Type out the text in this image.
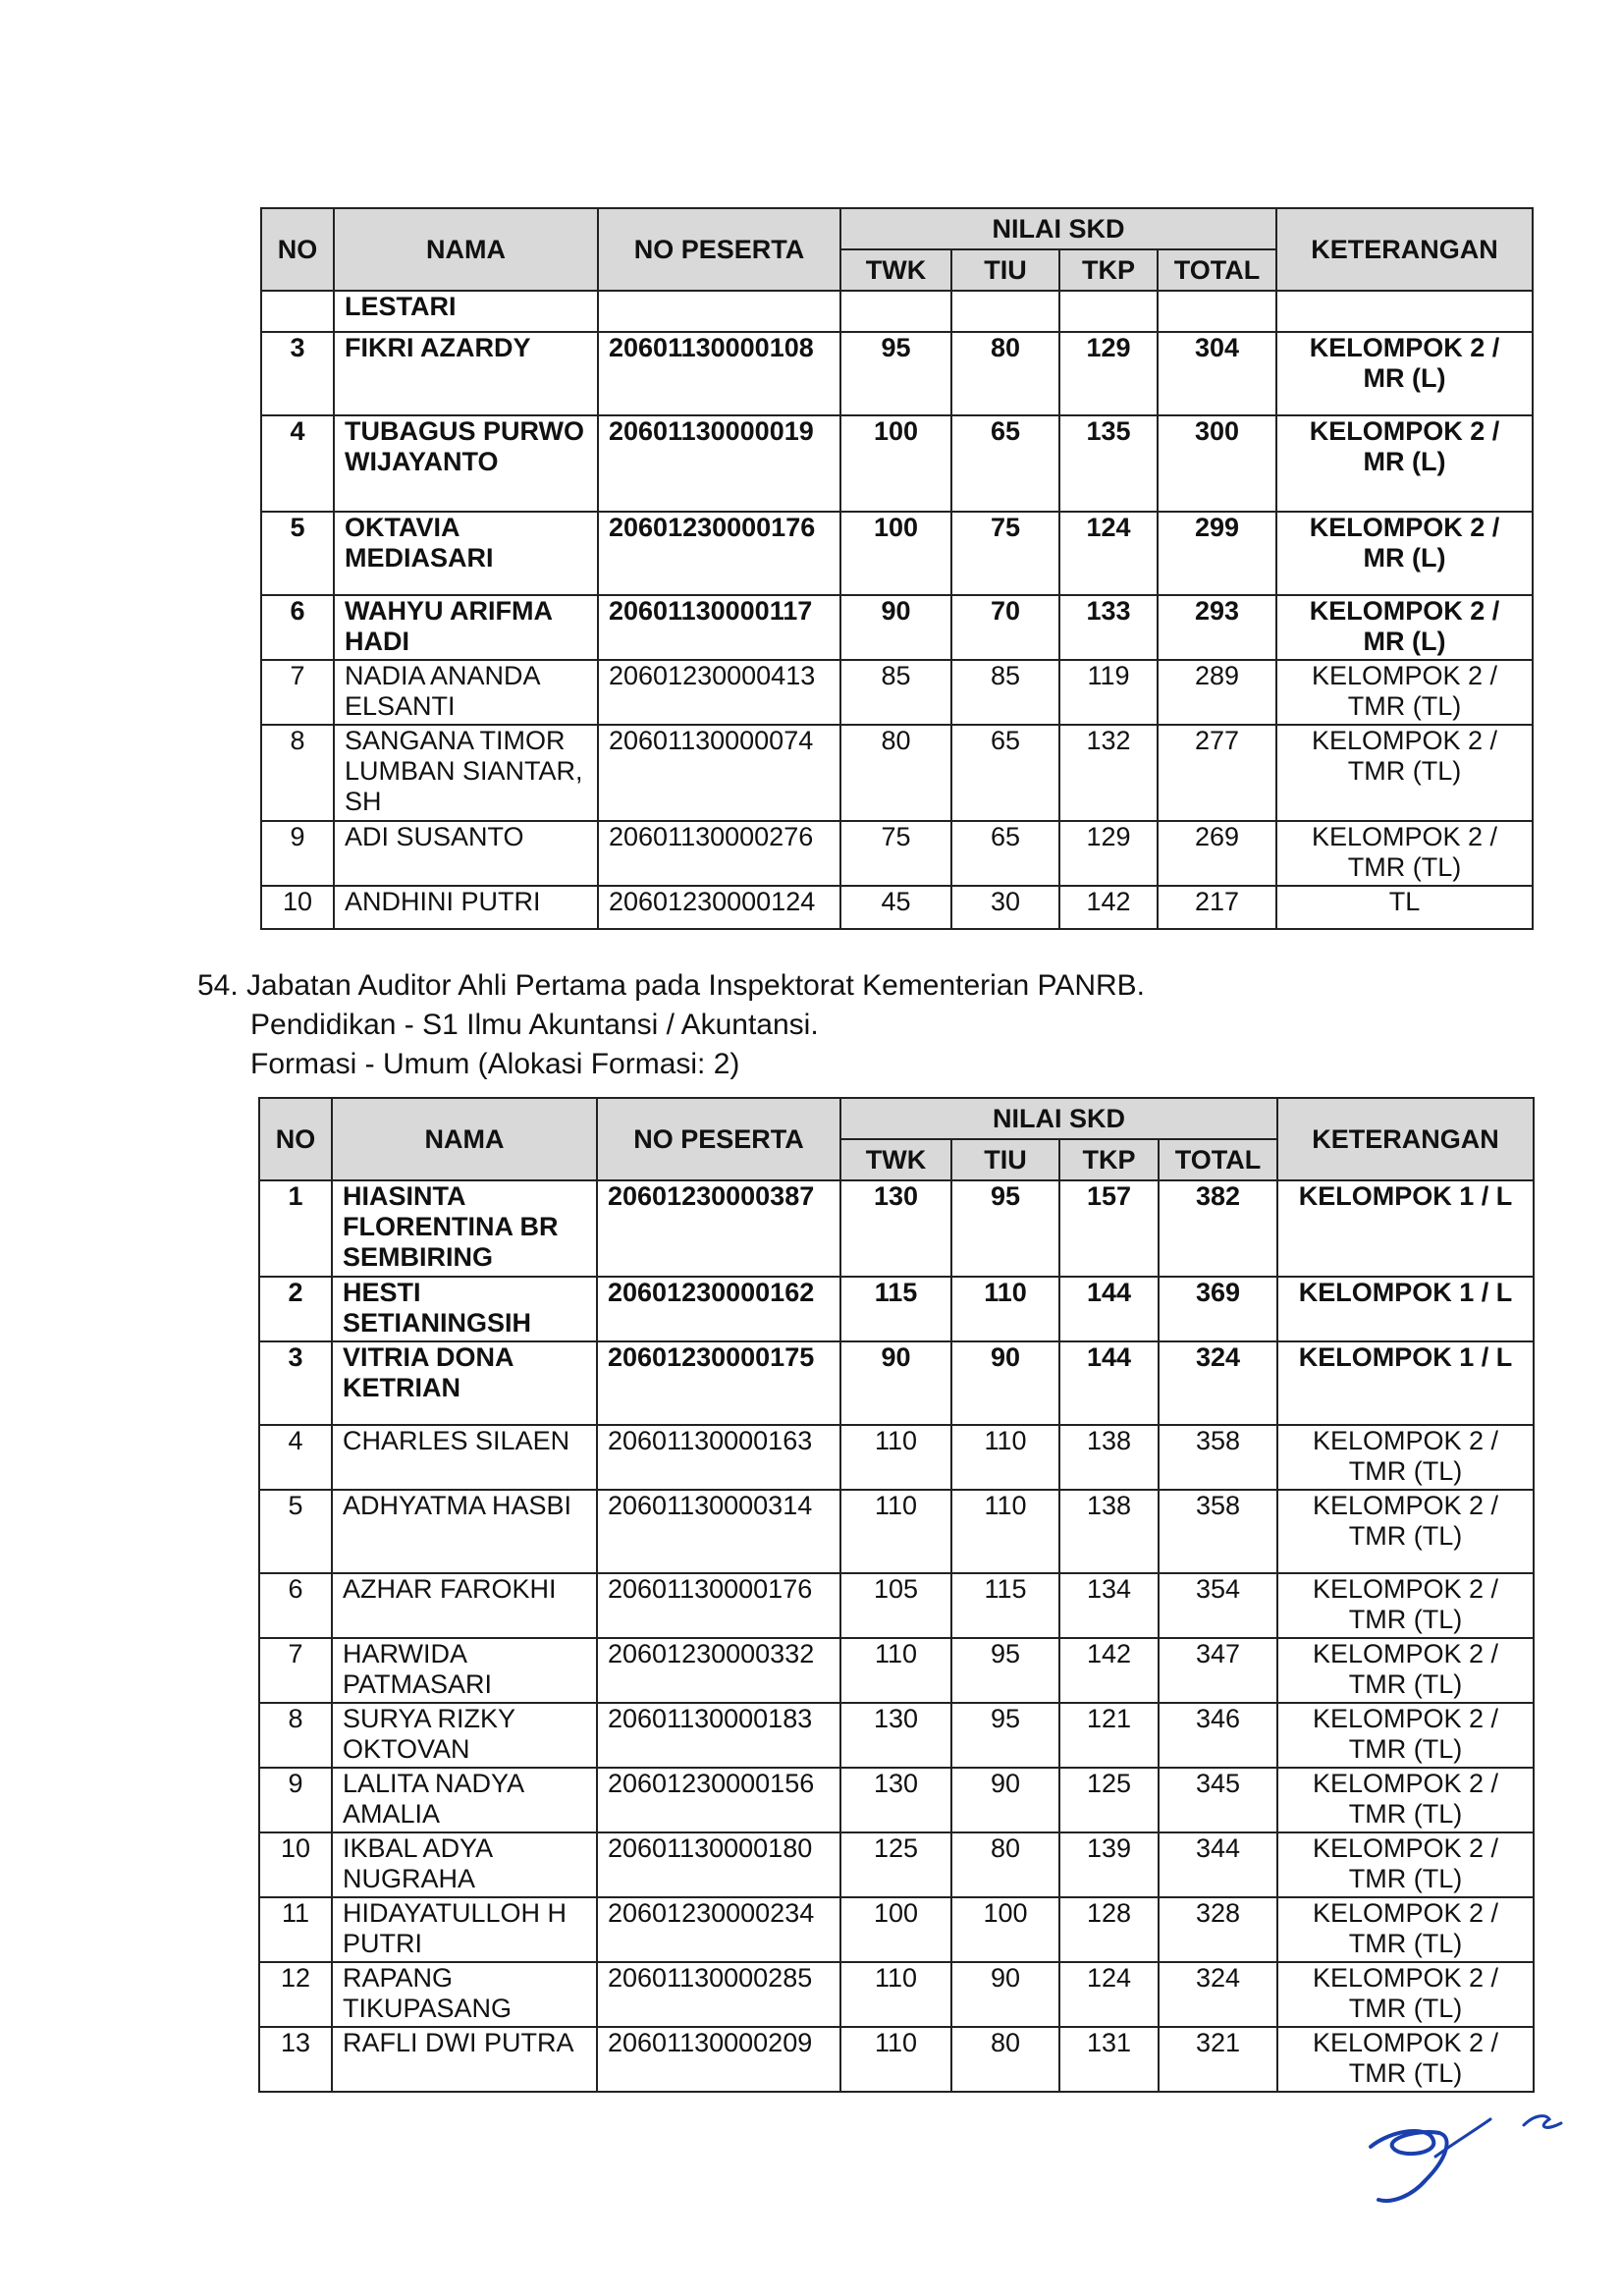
NO	NAMA	NO PESERTA	NILAI SKD				KETERANGAN
			TWK	TIU	TKP	TOTAL	
	LESTARI						
3	FIKRI AZARDY	20601130000108	95	80	129	304	KELOMPOK 2 / MR (L)
4	TUBAGUS PURWO WIJAYANTO	20601130000019	100	65	135	300	KELOMPOK 2 / MR (L)
5	OKTAVIA MEDIASARI	20601230000176	100	75	124	299	KELOMPOK 2 / MR (L)
6	WAHYU ARIFMA HADI	20601130000117	90	70	133	293	KELOMPOK 2 / MR (L)
7	NADIA ANANDA ELSANTI	20601230000413	85	85	119	289	KELOMPOK 2 / TMR (TL)
8	SANGANA TIMOR LUMBAN SIANTAR, SH	20601130000074	80	65	132	277	KELOMPOK 2 / TMR (TL)
9	ADI SUSANTO	20601130000276	75	65	129	269	KELOMPOK 2 / TMR (TL)
10	ANDHINI PUTRI	20601230000124	45	30	142	217	TL
54. Jabatan Auditor Ahli Pertama pada Inspektorat Kementerian PANRB.
Pendidikan - S1 Ilmu Akuntansi / Akuntansi.
Formasi - Umum (Alokasi Formasi: 2)
NO	NAMA	NO PESERTA	NILAI SKD				KETERANGAN
			TWK	TIU	TKP	TOTAL	
1	HIASINTA FLORENTINA BR SEMBIRING	20601230000387	130	95	157	382	KELOMPOK 1 / L
2	HESTI SETIANINGSIH	20601230000162	115	110	144	369	KELOMPOK 1 / L
3	VITRIA DONA KETRIAN	20601230000175	90	90	144	324	KELOMPOK 1 / L
4	CHARLES SILAEN	20601130000163	110	110	138	358	KELOMPOK 2 / TMR (TL)
5	ADHYATMA HASBI	20601130000314	110	110	138	358	KELOMPOK 2 / TMR (TL)
6	AZHAR FAROKHI	20601130000176	105	115	134	354	KELOMPOK 2 / TMR (TL)
7	HARWIDA PATMASARI	20601230000332	110	95	142	347	KELOMPOK 2 / TMR (TL)
8	SURYA RIZKY OKTOVAN	20601130000183	130	95	121	346	KELOMPOK 2 / TMR (TL)
9	LALITA NADYA AMALIA	20601230000156	130	90	125	345	KELOMPOK 2 / TMR (TL)
10	IKBAL ADYA NUGRAHA	20601130000180	125	80	139	344	KELOMPOK 2 / TMR (TL)
11	HIDAYATULLOH H PUTRI	20601230000234	100	100	128	328	KELOMPOK 2 / TMR (TL)
12	RAPANG TIKUPASANG	20601130000285	110	90	124	324	KELOMPOK 2 / TMR (TL)
13	RAFLI DWI PUTRA	20601130000209	110	80	131	321	KELOMPOK 2 / TMR (TL)
